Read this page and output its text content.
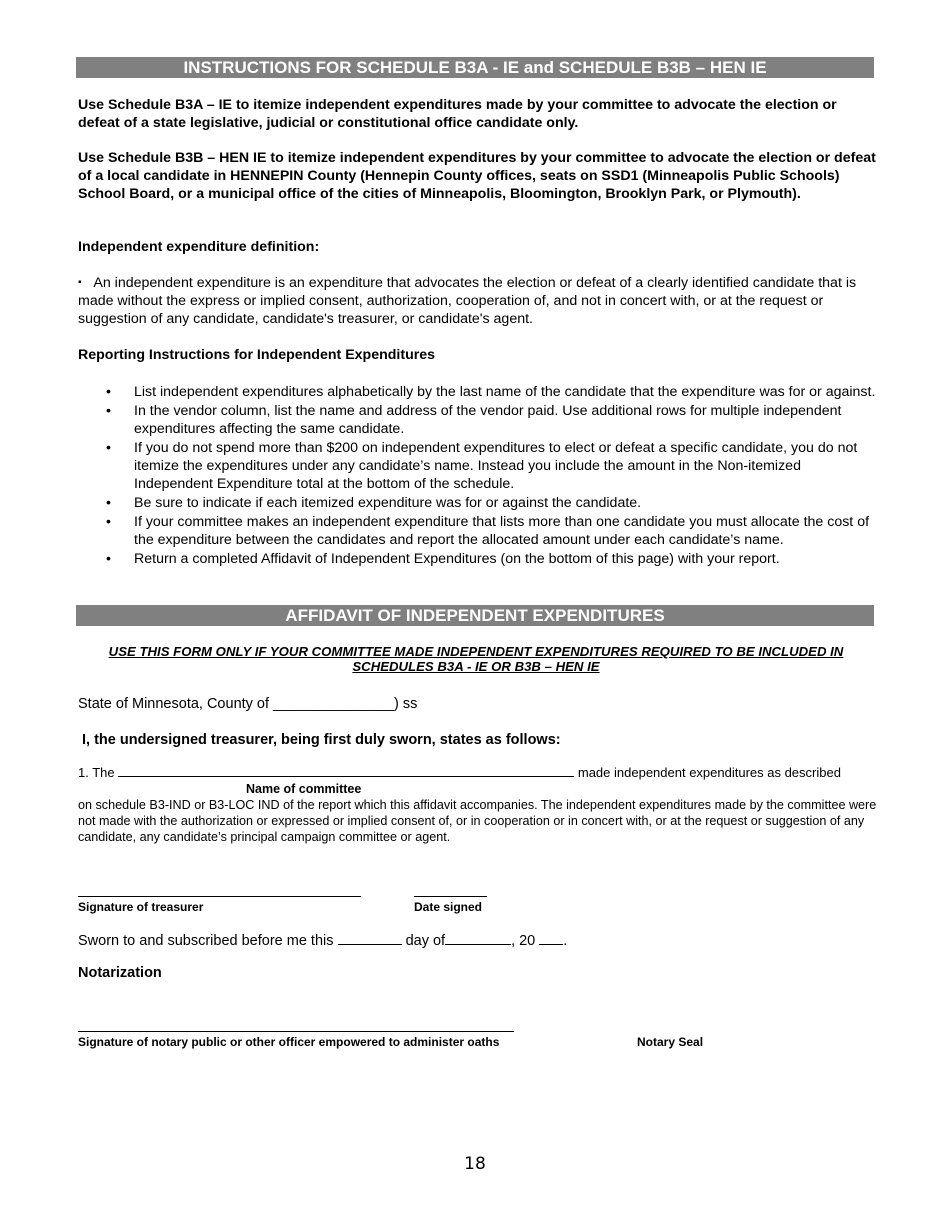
INSTRUCTIONS FOR SCHEDULE B3A - IE and SCHEDULE B3B – HEN IE
Use Schedule B3A – IE to itemize independent expenditures made by your committee to advocate the election or defeat of a state legislative, judicial or constitutional office candidate only.
Use Schedule B3B – HEN IE to itemize independent expenditures by your committee to advocate the election or defeat of a local candidate in HENNEPIN County (Hennepin County offices, seats on SSD1 (Minneapolis Public Schools) School Board, or a municipal office of the cities of Minneapolis, Bloomington, Brooklyn Park, or Plymouth).
Independent expenditure definition:
▪ An independent expenditure is an expenditure that advocates the election or defeat of a clearly identified candidate that is made without the express or implied consent, authorization, cooperation of, and not in concert with, or at the request or suggestion of any candidate, candidate's treasurer, or candidate's agent.
Reporting Instructions for Independent Expenditures
• List independent expenditures alphabetically by the last name of the candidate that the expenditure was for or against.
• In the vendor column, list the name and address of the vendor paid. Use additional rows for multiple independent expenditures affecting the same candidate.
• If you do not spend more than $200 on independent expenditures to elect or defeat a specific candidate, you do not itemize the expenditures under any candidate’s name. Instead you include the amount in the Non-itemized Independent Expenditure total at the bottom of the schedule.
• Be sure to indicate if each itemized expenditure was for or against the candidate.
• If your committee makes an independent expenditure that lists more than one candidate you must allocate the cost of the expenditure between the candidates and report the allocated amount under each candidate’s name.
• Return a completed Affidavit of Independent Expenditures (on the bottom of this page) with your report.
AFFIDAVIT OF INDEPENDENT EXPENDITURES
USE THIS FORM ONLY IF YOUR COMMITTEE MADE INDEPENDENT EXPENDITURES REQUIRED TO BE INCLUDED IN
SCHEDULES B3A - IE OR B3B – HEN IE
State of Minnesota, County of _______________) ss
I, the undersigned treasurer, being first duly sworn, states as follows:
1. The	made independent expenditures as described
Name of committee
on schedule B3-IND or B3-LOC IND of the report which this affidavit accompanies. The independent expenditures made by the committee were not made with the authorization or expressed or implied consent of, or in cooperation or in concert with, or at the request or suggestion of any candidate, any candidate’s principal campaign committee or agent.
Signature of treasurer	Date signed
Sworn to and subscribed before me this	day of	, 20 .
Notarization
Signature of notary public or other officer empowered to administer oaths	Notary Seal
18
